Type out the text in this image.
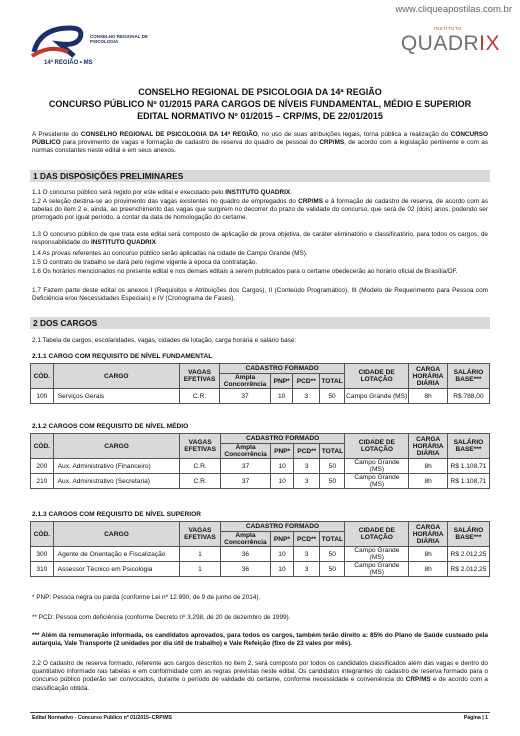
www.cliqueapostilas.com.br
CONSELHO REGIONAL DE PSICOLOGIA
14ª REGIÃO • MS
INSTITUTO
QUADRIX
CONSELHO REGIONAL DE PSICOLOGIA DA 14ª REGIÃO
CONCURSO PÚBLICO Nº 01/2015 PARA CARGOS DE NÍVEIS FUNDAMENTAL, MÉDIO E SUPERIOR
EDITAL NORMATIVO Nº 01/2015 – CRP/MS, DE 22/01/2015
A Presidente do CONSELHO REGIONAL DE PSICOLOGIA DA 14ª REGIÃO, no uso de suas atribuições legais, torna pública a realização do CONCURSO PÚBLICO para provimento de vagas e formação de cadastro de reserva do quadro de pessoal do CRP/MS, de acordo com a legislação pertinente e com as normas constantes neste edital e em seus anexos.
1 DAS DISPOSIÇÕES PRELIMINARES
1.1 O concurso público será regido por este edital e executado pelo INSTITUTO QUADRIX.
1.2 A seleção destina-se ao provimento das vagas existentes no quadro de empregados do CRP/MS e à formação de cadastro de reserva, de acordo com as tabelas do item 2 e, ainda, ao preenchimento das vagas que surgirem no decorrer do prazo de validade do concurso, que será de 02 (dois) anos, podendo ser prorrogado por igual período, a contar da data de homologação do certame.
1.3 O concurso público de que trata este edital será composto de aplicação de prova objetiva, de caráter eliminatório e classificatório, para todos os cargos, de responsabilidade do INSTITUTO QUADRIX.
1.4 As provas referentes ao concurso público serão aplicadas na cidade de Campo Grande (MS).
1.5 O contrato de trabalho se dará pelo regime vigente à época da contratação.
1.6 Os horários mencionados no presente edital e nos demais editais a serem publicados para o certame obedecerão ao horário oficial de Brasília/DF.
1.7 Fazem parte deste edital os anexos I (Requisitos e Atribuições dos Cargos), II (Conteúdo Programático), III (Modelo de Requerimento para Pessoa com Deficiência e/ou Necessidades Especiais) e IV (Cronograma de Fases).
2 DOS CARGOS
2.1 Tabela de cargos, escolaridades, vagas, cidades de lotação, carga horária e salário base:
2.1.1 CARGO COM REQUISITO DE NÍVEL FUNDAMENTAL
CÓD.	CARGO	VAGAS EFETIVAS	CADASTRO FORMADO				CIDADE DE LOTAÇÃO	CARGA HORÁRIA DIÁRIA	SALÁRIO BASE***
			Ampla Concorrência	PNP*	PCD**	TOTAL			
100	Serviços Gerais	C.R.	37	10	3	50	Campo Grande (MS)	8h	R$ 788,00
2.1.2 CARGOS COM REQUISITO DE NÍVEL MÉDIO
CÓD.	CARGO	VAGAS EFETIVAS	CADASTRO FORMADO				CIDADE DE LOTAÇÃO	CARGA HORÁRIA DIÁRIA	SALÁRIO BASE***
			Ampla Concorrência	PNP*	PCD**	TOTAL			
200	Aux. Administrativo (Financeiro)	C.R.	37	10	3	50	Campo Grande (MS)	8h	R$ 1.108,71
210	Aux. Administrativo (Secretaria)	C.R.	37	10	3	50	Campo Grande (MS)	8h	R$ 1.108,71
2.1.3 CARGOS COM REQUISITO DE NÍVEL SUPERIOR
CÓD.	CARGO	VAGAS EFETIVAS	CADASTRO FORMADO				CIDADE DE LOTAÇÃO	CARGA HORÁRIA DIÁRIA	SALÁRIO BASE***
			Ampla Concorrência	PNP*	PCD**	TOTAL			
300	Agente de Orientação e Fiscalização	1	36	10	3	50	Campo Grande (MS)	8h	R$ 2.012,25
310	Assessor Técnico em Psicologia	1	36	10	3	50	Campo Grande (MS)	8h	R$ 2.012,25
* PNP: Pessoa negra ou parda (conforme Lei nº 12.990, de 9 de junho de 2014).
** PCD: Pessoa com deficiência (conforme Decreto nº 3.298, de 20 de dezembro de 1999).
*** Além da remuneração informada, os candidatos aprovados, para todos os cargos, também terão direito a: 85% do Plano de Saúde custeado pela autarquia, Vale Transporte (2 unidades por dia útil de trabalho) e Vale Refeição (fixo de 23 vales por mês).
2.2 O cadastro de reserva formado, referente aos cargos descritos no item 2, será composto por todos os candidatos classificados além das vagas e dentro do quantitativo informado nas tabelas e em conformidade com as regras previstas neste edital. Os candidatos integrantes do cadastro de reserva formado para o concurso público poderão ser convocados, durante o período de validade do certame, conforme necessidade e conveniência do CRP/MS e de acordo com a classificação obtida.
Edital Normativo - Concurso Público nº 01/2015–CRP/MS	Página | 1
